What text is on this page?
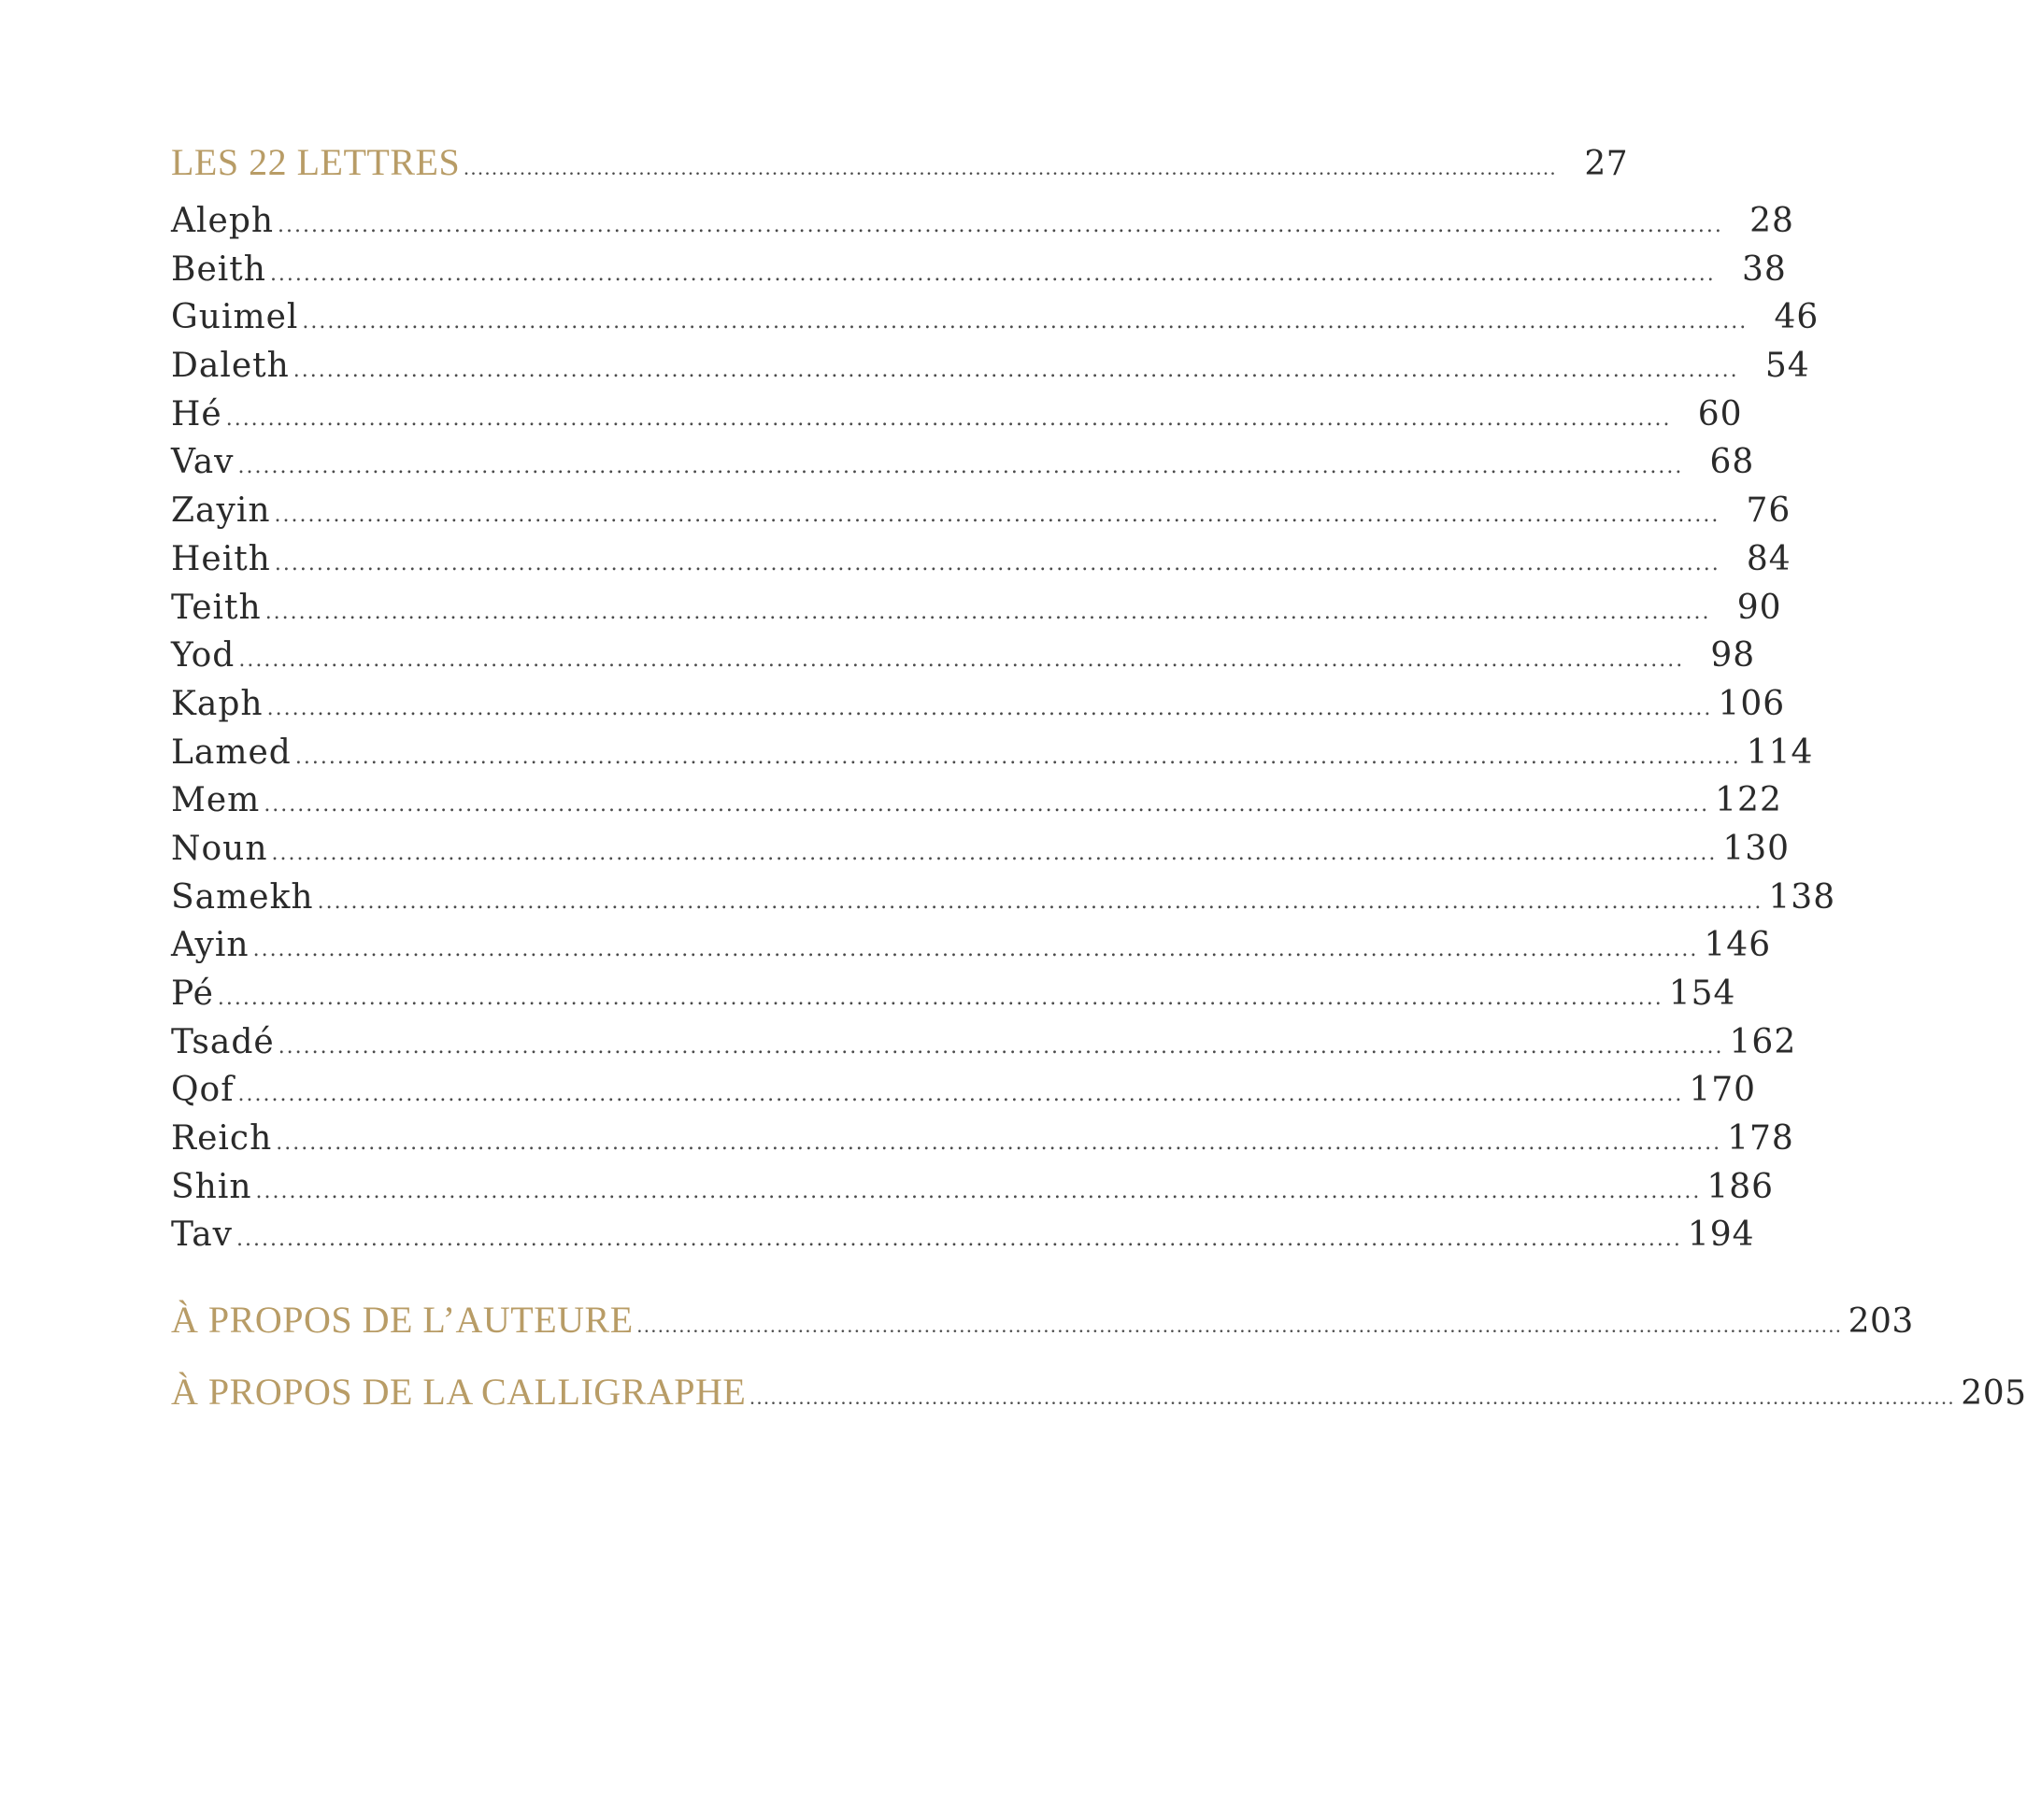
LES 22 LETTRES ............................................................................................................................................................ 27
Aleph ............................................................................................................................................................................ 28
Beith ............................................................................................................................................................................ 38
Guimel ............................................................................................................................................................................ 46
Daleth ............................................................................................................................................................................ 54
Hé ............................................................................................................................................................................ 60
Vav ............................................................................................................................................................................ 68
Zayin ............................................................................................................................................................................ 76
Heith ............................................................................................................................................................................ 84
Teith ............................................................................................................................................................................ 90
Yod ............................................................................................................................................................................ 98
Kaph ............................................................................................................................................................................ 106
Lamed ............................................................................................................................................................................ 114
Mem ............................................................................................................................................................................ 122
Noun ............................................................................................................................................................................ 130
Samekh ............................................................................................................................................................................ 138
Ayin ............................................................................................................................................................................ 146
Pé ............................................................................................................................................................................ 154
Tsadé ............................................................................................................................................................................ 162
Qof ............................................................................................................................................................................ 170
Reich ............................................................................................................................................................................ 178
Shin ............................................................................................................................................................................ 186
Tav ............................................................................................................................................................................ 194
À PROPOS DE L’AUTEURE ............................................................................................................................................................................ 203
À PROPOS DE LA CALLIGRAPHE ............................................................................................................................................................................ 205
